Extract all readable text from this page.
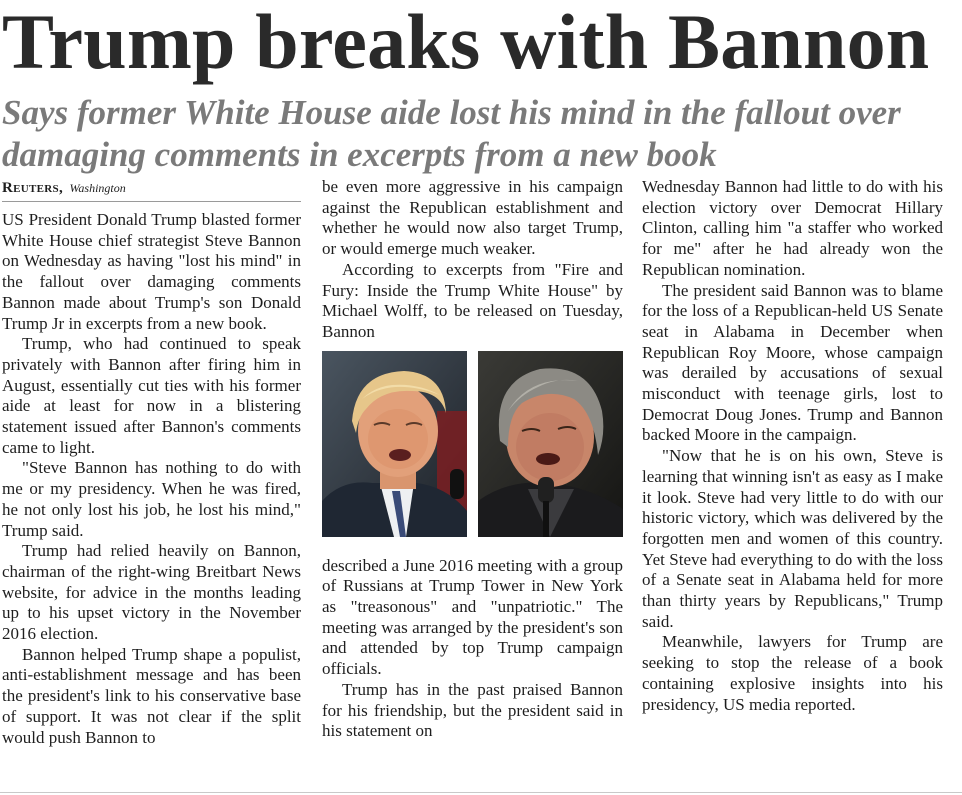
Trump breaks with Bannon
Says former White House aide lost his mind in the fallout over damaging comments in excerpts from a new book
Reuters, Washington

US President Donald Trump blasted former White House chief strategist Steve Bannon on Wednesday as having "lost his mind" in the fallout over damaging comments Bannon made about Trump's son Donald Trump Jr in excerpts from a new book.

Trump, who had continued to speak privately with Bannon after firing him in August, essentially cut ties with his former aide at least for now in a blistering statement issued after Bannon's comments came to light.

"Steve Bannon has nothing to do with me or my presidency. When he was fired, he not only lost his job, he lost his mind," Trump said.

Trump had relied heavily on Bannon, chairman of the right-wing Breitbart News website, for advice in the months leading up to his upset victory in the November 2016 election.

Bannon helped Trump shape a populist, anti-establishment message and has been the president's link to his conservative base of support. It was not clear if the split would push Bannon to

be even more aggressive in his campaign against the Republican establishment and whether he would now also target Trump, or would emerge much weaker.

According to excerpts from "Fire and Fury: Inside the Trump White House" by Michael Wolff, to be released on Tuesday, Bannon

described a June 2016 meeting with a group of Russians at Trump Tower in New York as "treasonous" and "unpatriotic." The meeting was arranged by the president's son and attended by top Trump campaign officials.

Trump has in the past praised Bannon for his friendship, but the president said in his statement on

Wednesday Bannon had little to do with his election victory over Democrat Hillary Clinton, calling him "a staffer who worked for me" after he had already won the Republican nomination.

The president said Bannon was to blame for the loss of a Republican-held US Senate seat in Alabama in December when Republican Roy Moore, whose campaign was derailed by accusations of sexual misconduct with teenage girls, lost to Democrat Doug Jones. Trump and Bannon backed Moore in the campaign.

"Now that he is on his own, Steve is learning that winning isn't as easy as I make it look. Steve had very little to do with our historic victory, which was delivered by the forgotten men and women of this country. Yet Steve had everything to do with the loss of a Senate seat in Alabama held for more than thirty years by Republicans," Trump said.

Meanwhile, lawyers for Trump are seeking to stop the release of a book containing explosive insights into his presidency, US media reported.
